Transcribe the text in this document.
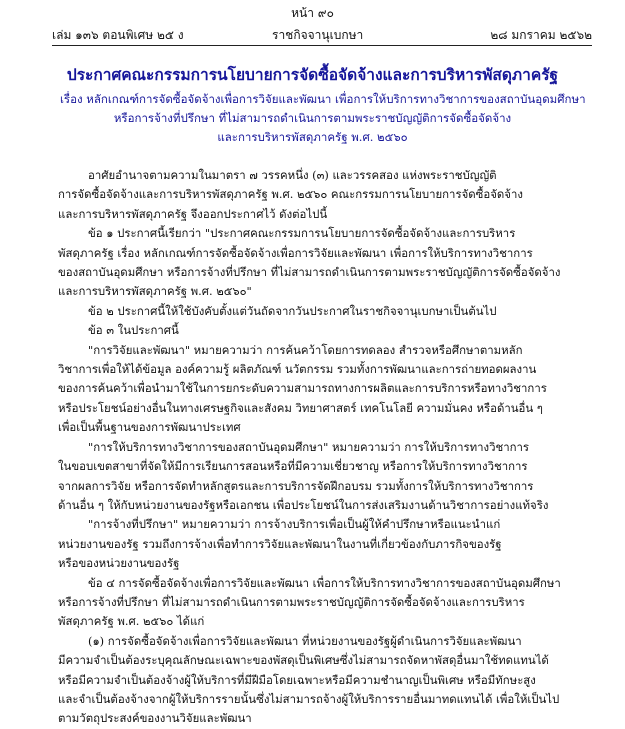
หน้า ๙๐
เล่ม ๑๓๖ ตอนพิเศษ ๒๕ ง	ราชกิจจานุเบกษา	๒๘ มกราคม ๒๕๖๒
ประกาศคณะกรรมการนโยบายการจัดซื้อจัดจ้างและการบริหารพัสดุภาครัฐ
เรื่อง หลักเกณฑ์การจัดซื้อจัดจ้างเพื่อการวิจัยและพัฒนา เพื่อการให้บริการทางวิชาการของสถาบันอุดมศึกษา
หรือการจ้างที่ปรึกษา ที่ไม่สามารถดำเนินการตามพระราชบัญญัติการจัดซื้อจัดจ้าง
และการบริหารพัสดุภาครัฐ พ.ศ. ๒๕๖๐
อาศัยอำนาจตามความในมาตรา ๗ วรรคหนึ่ง (๓) และวรรคสอง แห่งพระราชบัญญัติ
การจัดซื้อจัดจ้างและการบริหารพัสดุภาครัฐ พ.ศ. ๒๕๖๐ คณะกรรมการนโยบายการจัดซื้อจัดจ้าง
และการบริหารพัสดุภาครัฐ จึงออกประกาศไว้ ดังต่อไปนี้
ข้อ ๑ ประกาศนี้เรียกว่า "ประกาศคณะกรรมการนโยบายการจัดซื้อจัดจ้างและการบริหาร
พัสดุภาครัฐ เรื่อง หลักเกณฑ์การจัดซื้อจัดจ้างเพื่อการวิจัยและพัฒนา เพื่อการให้บริการทางวิชาการ
ของสถาบันอุดมศึกษา หรือการจ้างที่ปรึกษา ที่ไม่สามารถดำเนินการตามพระราชบัญญัติการจัดซื้อจัดจ้าง
และการบริหารพัสดุภาครัฐ พ.ศ. ๒๕๖๐"
ข้อ ๒ ประกาศนี้ให้ใช้บังคับตั้งแต่วันถัดจากวันประกาศในราชกิจจานุเบกษาเป็นต้นไป
ข้อ ๓ ในประกาศนี้
"การวิจัยและพัฒนา" หมายความว่า การค้นคว้าโดยการทดลอง สำรวจหรือศึกษาตามหลัก
วิชาการเพื่อให้ได้ข้อมูล องค์ความรู้ ผลิตภัณฑ์ นวัตกรรม รวมทั้งการพัฒนาและการถ่ายทอดผลงาน
ของการค้นคว้าเพื่อนำมาใช้ในการยกระดับความสามารถทางการผลิตและการบริการหรือทางวิชาการ
หรือประโยชน์อย่างอื่นในทางเศรษฐกิจและสังคม วิทยาศาสตร์ เทคโนโลยี ความมั่นคง หรือด้านอื่น ๆ
เพื่อเป็นพื้นฐานของการพัฒนาประเทศ
"การให้บริการทางวิชาการของสถาบันอุดมศึกษา" หมายความว่า การให้บริการทางวิชาการ
ในขอบเขตสาขาที่จัดให้มีการเรียนการสอนหรือที่มีความเชี่ยวชาญ หรือการให้บริการทางวิชาการ
จากผลการวิจัย หรือการจัดทำหลักสูตรและการบริการจัดฝึกอบรม รวมทั้งการให้บริการทางวิชาการ
ด้านอื่น ๆ ให้กับหน่วยงานของรัฐหรือเอกชน เพื่อประโยชน์ในการส่งเสริมงานด้านวิชาการอย่างแท้จริง
"การจ้างที่ปรึกษา" หมายความว่า การจ้างบริการเพื่อเป็นผู้ให้คำปรึกษาหรือแนะนำแก่
หน่วยงานของรัฐ รวมถึงการจ้างเพื่อทำการวิจัยและพัฒนาในงานที่เกี่ยวข้องกับภารกิจของรัฐ
หรือของหน่วยงานของรัฐ
ข้อ ๔ การจัดซื้อจัดจ้างเพื่อการวิจัยและพัฒนา เพื่อการให้บริการทางวิชาการของสถาบันอุดมศึกษา
หรือการจ้างที่ปรึกษา ที่ไม่สามารถดำเนินการตามพระราชบัญญัติการจัดซื้อจัดจ้างและการบริหาร
พัสดุภาครัฐ พ.ศ. ๒๕๖๐ ได้แก่
(๑) การจัดซื้อจัดจ้างเพื่อการวิจัยและพัฒนา ที่หน่วยงานของรัฐผู้ดำเนินการวิจัยและพัฒนา
มีความจำเป็นต้องระบุคุณลักษณะเฉพาะของพัสดุเป็นพิเศษซึ่งไม่สามารถจัดหาพัสดุอื่นมาใช้ทดแทนได้
หรือมีความจำเป็นต้องจ้างผู้ให้บริการที่มีฝีมือโดยเฉพาะหรือมีความชำนาญเป็นพิเศษ หรือมีทักษะสูง
และจำเป็นต้องจ้างจากผู้ให้บริการรายนั้นซึ่งไม่สามารถจ้างผู้ให้บริการรายอื่นมาทดแทนได้ เพื่อให้เป็นไป
ตามวัตถุประสงค์ของงานวิจัยและพัฒนา
